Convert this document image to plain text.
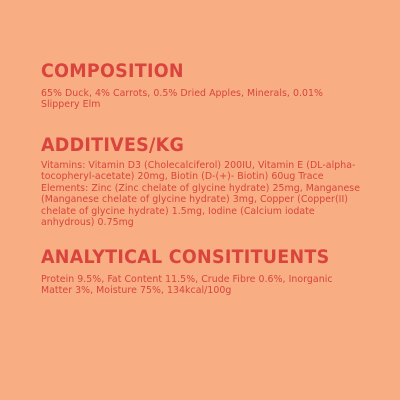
COMPOSITION

65% Duck, 4% Carrots, 0.5% Dried Apples, Minerals, 0.01% Slippery Elm

ADDITIVES/KG

Vitamins: Vitamin D3 (Cholecalciferol) 200IU, Vitamin E (DL-alpha-tocopheryl-acetate) 20mg, Biotin (D-(+)- Biotin) 60ug Trace Elements: Zinc (Zinc chelate of glycine hydrate) 25mg, Manganese (Manganese chelate of glycine hydrate) 3mg, Copper (Copper(II) chelate of glycine hydrate) 1.5mg, Iodine (Calcium iodate anhydrous) 0.75mg

ANALYTICAL CONSITITUENTS

Protein 9.5%, Fat Content 11.5%, Crude Fibre 0.6%, Inorganic Matter 3%, Moisture 75%, 134kcal/100g
